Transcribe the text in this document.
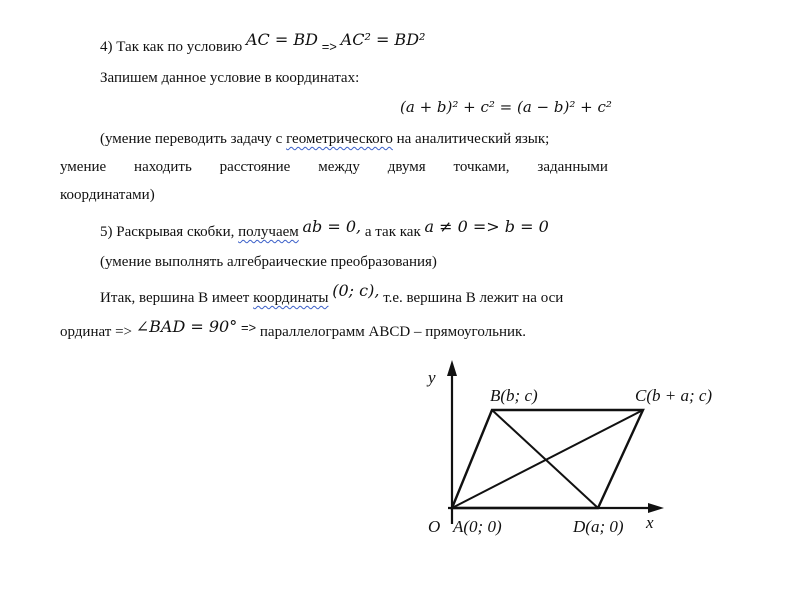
4) Так как по условию AC = BD => AC² = BD²
Запишем данное условие в координатах:
(a + b)² + c² = (a − b)² + c²
(умение переводить задачу с геометрического на аналитический язык;
умение находить расстояние между двумя точками, заданными
координатами)
5) Раскрывая скобки, получаем ab = 0, а так как a ≠ 0 => b = 0
(умение выполнять алгебраические преобразования)
Итак, вершина B имеет координаты (0; c), т.е. вершина B лежит на оси
ординат => ∠BAD = 90° => параллелограмм ABCD – прямоугольник.
y
x
O A(0; 0)
B(b; c)	C(b + a; c)
D(a; 0)
